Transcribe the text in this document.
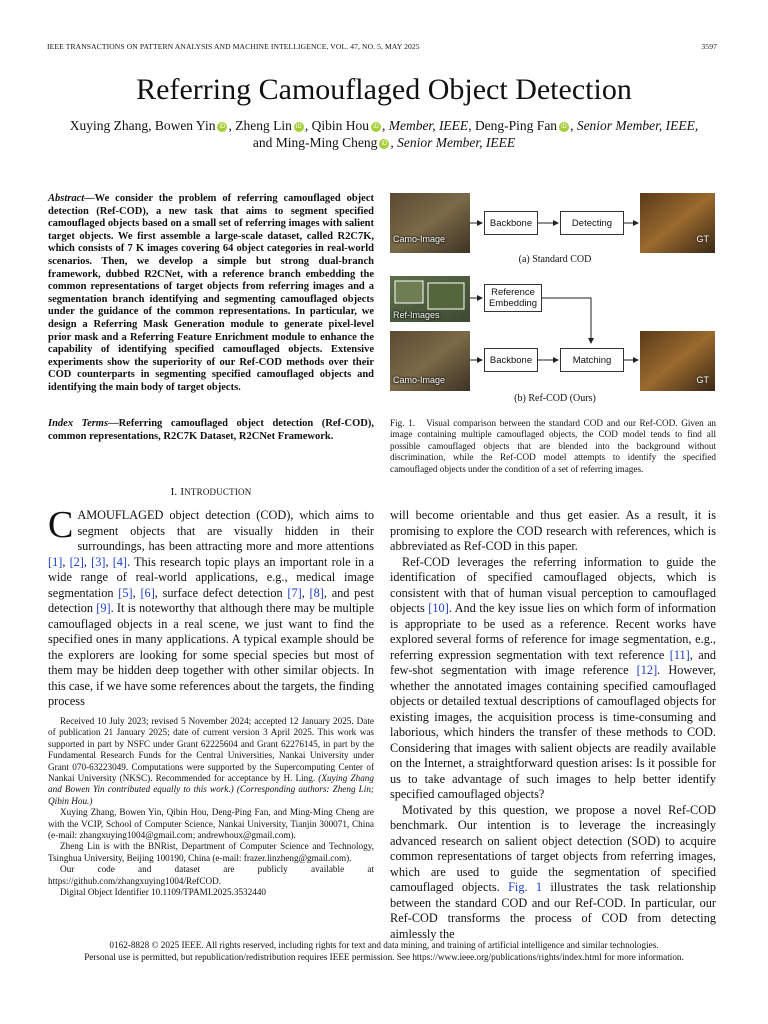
IEEE TRANSACTIONS ON PATTERN ANALYSIS AND MACHINE INTELLIGENCE, VOL. 47, NO. 5, MAY 2025	3597
Referring Camouflaged Object Detection
Xuying Zhang, Bowen Yin iD , Zheng Lin iD , Qibin Hou iD , Member, IEEE, Deng-Ping Fan iD , Senior Member, IEEE,
and Ming-Ming Cheng iD , Senior Member, IEEE
Abstract—We consider the problem of referring camouflaged object detection (Ref-COD), a new task that aims to segment specified camouflaged objects based on a small set of referring images with salient target objects. We first assemble a large-scale dataset, called R2C7K, which consists of 7 K images covering 64 object categories in real-world scenarios. Then, we develop a simple but strong dual-branch framework, dubbed R2CNet, with a reference branch embedding the common representations of target objects from referring images and a segmentation branch identifying and segmenting camouflaged objects under the guidance of the common representations. In particular, we design a Referring Mask Generation module to generate pixel-level prior mask and a Referring Feature Enrichment module to enhance the capability of identifying specified camouflaged objects. Extensive experiments show the superiority of our Ref-COD methods over their COD counterparts in segmenting specified camouflaged objects and identifying the main body of target objects.
Index Terms—Referring camouflaged object detection (Ref-COD), common representations, R2C7K Dataset, R2CNet Framework.
I. INTRODUCTION
CAMOUFLAGED object detection (COD), which aims to segment objects that are visually hidden in their surroundings, has been attracting more and more attentions [1], [2], [3], [4]. This research topic plays an important role in a wide range of real-world applications, e.g., medical image segmentation [5], [6], surface defect detection [7], [8], and pest detection [9]. It is noteworthy that although there may be multiple camouflaged objects in a real scene, we just want to find the specified ones in many applications. A typical example should be the explorers are looking for some special species but most of them may be hidden deep together with other similar objects. In this case, if we have some references about the targets, the finding process

Received 10 July 2023; revised 5 November 2024; accepted 12 January 2025. Date of publication 21 January 2025; date of current version 3 April 2025. This work was supported in part by NSFC under Grant 62225604 and Grant 62276145, in part by the Fundamental Research Funds for the Central Universities, Nankai University under Grant 070-63223049. Computations were supported by the Supercomputing Center of Nankai University (NKSC). Recommended for acceptance by H. Ling. (Xuying Zhang and Bowen Yin contributed equally to this work.) (Corresponding authors: Zheng Lin; Qibin Hou.)

Xuying Zhang, Bowen Yin, Qibin Hou, Deng-Ping Fan, and Ming-Ming Cheng are with the VCIP, School of Computer Science, Nankai University, Tianjin 300071, China (e-mail: zhangxuying1004@gmail.com; andrewhoux@gmail.com).

Zheng Lin is with the BNRist, Department of Computer Science and Technology, Tsinghua University, Beijing 100190, China (e-mail: frazer.linzheng@gmail.com).

Our code and dataset are publicly available at https://github.com/zhangxuying1004/RefCOD.

Digital Object Identifier 10.1109/TPAMI.2025.3532440

Camo-Image	GT
Backbone	Detecting
(a) Standard COD
Reference Embedding
Ref-Images
Backbone	Matching
Camo-Image	GT
(b) Ref-COD (Ours)
Fig. 1. Visual comparison between the standard COD and our Ref-COD. Given an image containing multiple camouflaged objects, the COD model tends to find all possible camouflaged objects that are blended into the background without discrimination, while the Ref-COD model attempts to identify the specified camouflaged objects under the condition of a set of referring images.

will become orientable and thus get easier. As a result, it is promising to explore the COD research with references, which is abbreviated as Ref-COD in this paper.

Ref-COD leverages the referring information to guide the identification of specified camouflaged objects, which is consistent with that of human visual perception to camouflaged objects [10]. And the key issue lies on which form of information is appropriate to be used as a reference. Recent works have explored several forms of reference for image segmentation, e.g., referring expression segmentation with text reference [11], and few-shot segmentation with image reference [12]. However, whether the annotated images containing specified camouflaged objects or detailed textual descriptions of camouflaged objects for existing images, the acquisition process is time-consuming and laborious, which hinders the transfer of these methods to COD. Considering that images with salient objects are readily available on the Internet, a straightforward question arises: Is it possible for us to take advantage of such images to help better identify specified camouflaged objects?

Motivated by this question, we propose a novel Ref-COD benchmark. Our intention is to leverage the increasingly advanced research on salient object detection (SOD) to acquire common representations of target objects from referring images, which are used to guide the segmentation of specified camouflaged objects. Fig. 1 illustrates the task relationship between the standard COD and our Ref-COD. In particular, our Ref-COD transforms the process of COD from detecting aimlessly the

0162-8828 © 2025 IEEE. All rights reserved, including rights for text and data mining, and training of artificial intelligence and similar technologies.
Personal use is permitted, but republication/redistribution requires IEEE permission. See https://www.ieee.org/publications/rights/index.html for more information.
